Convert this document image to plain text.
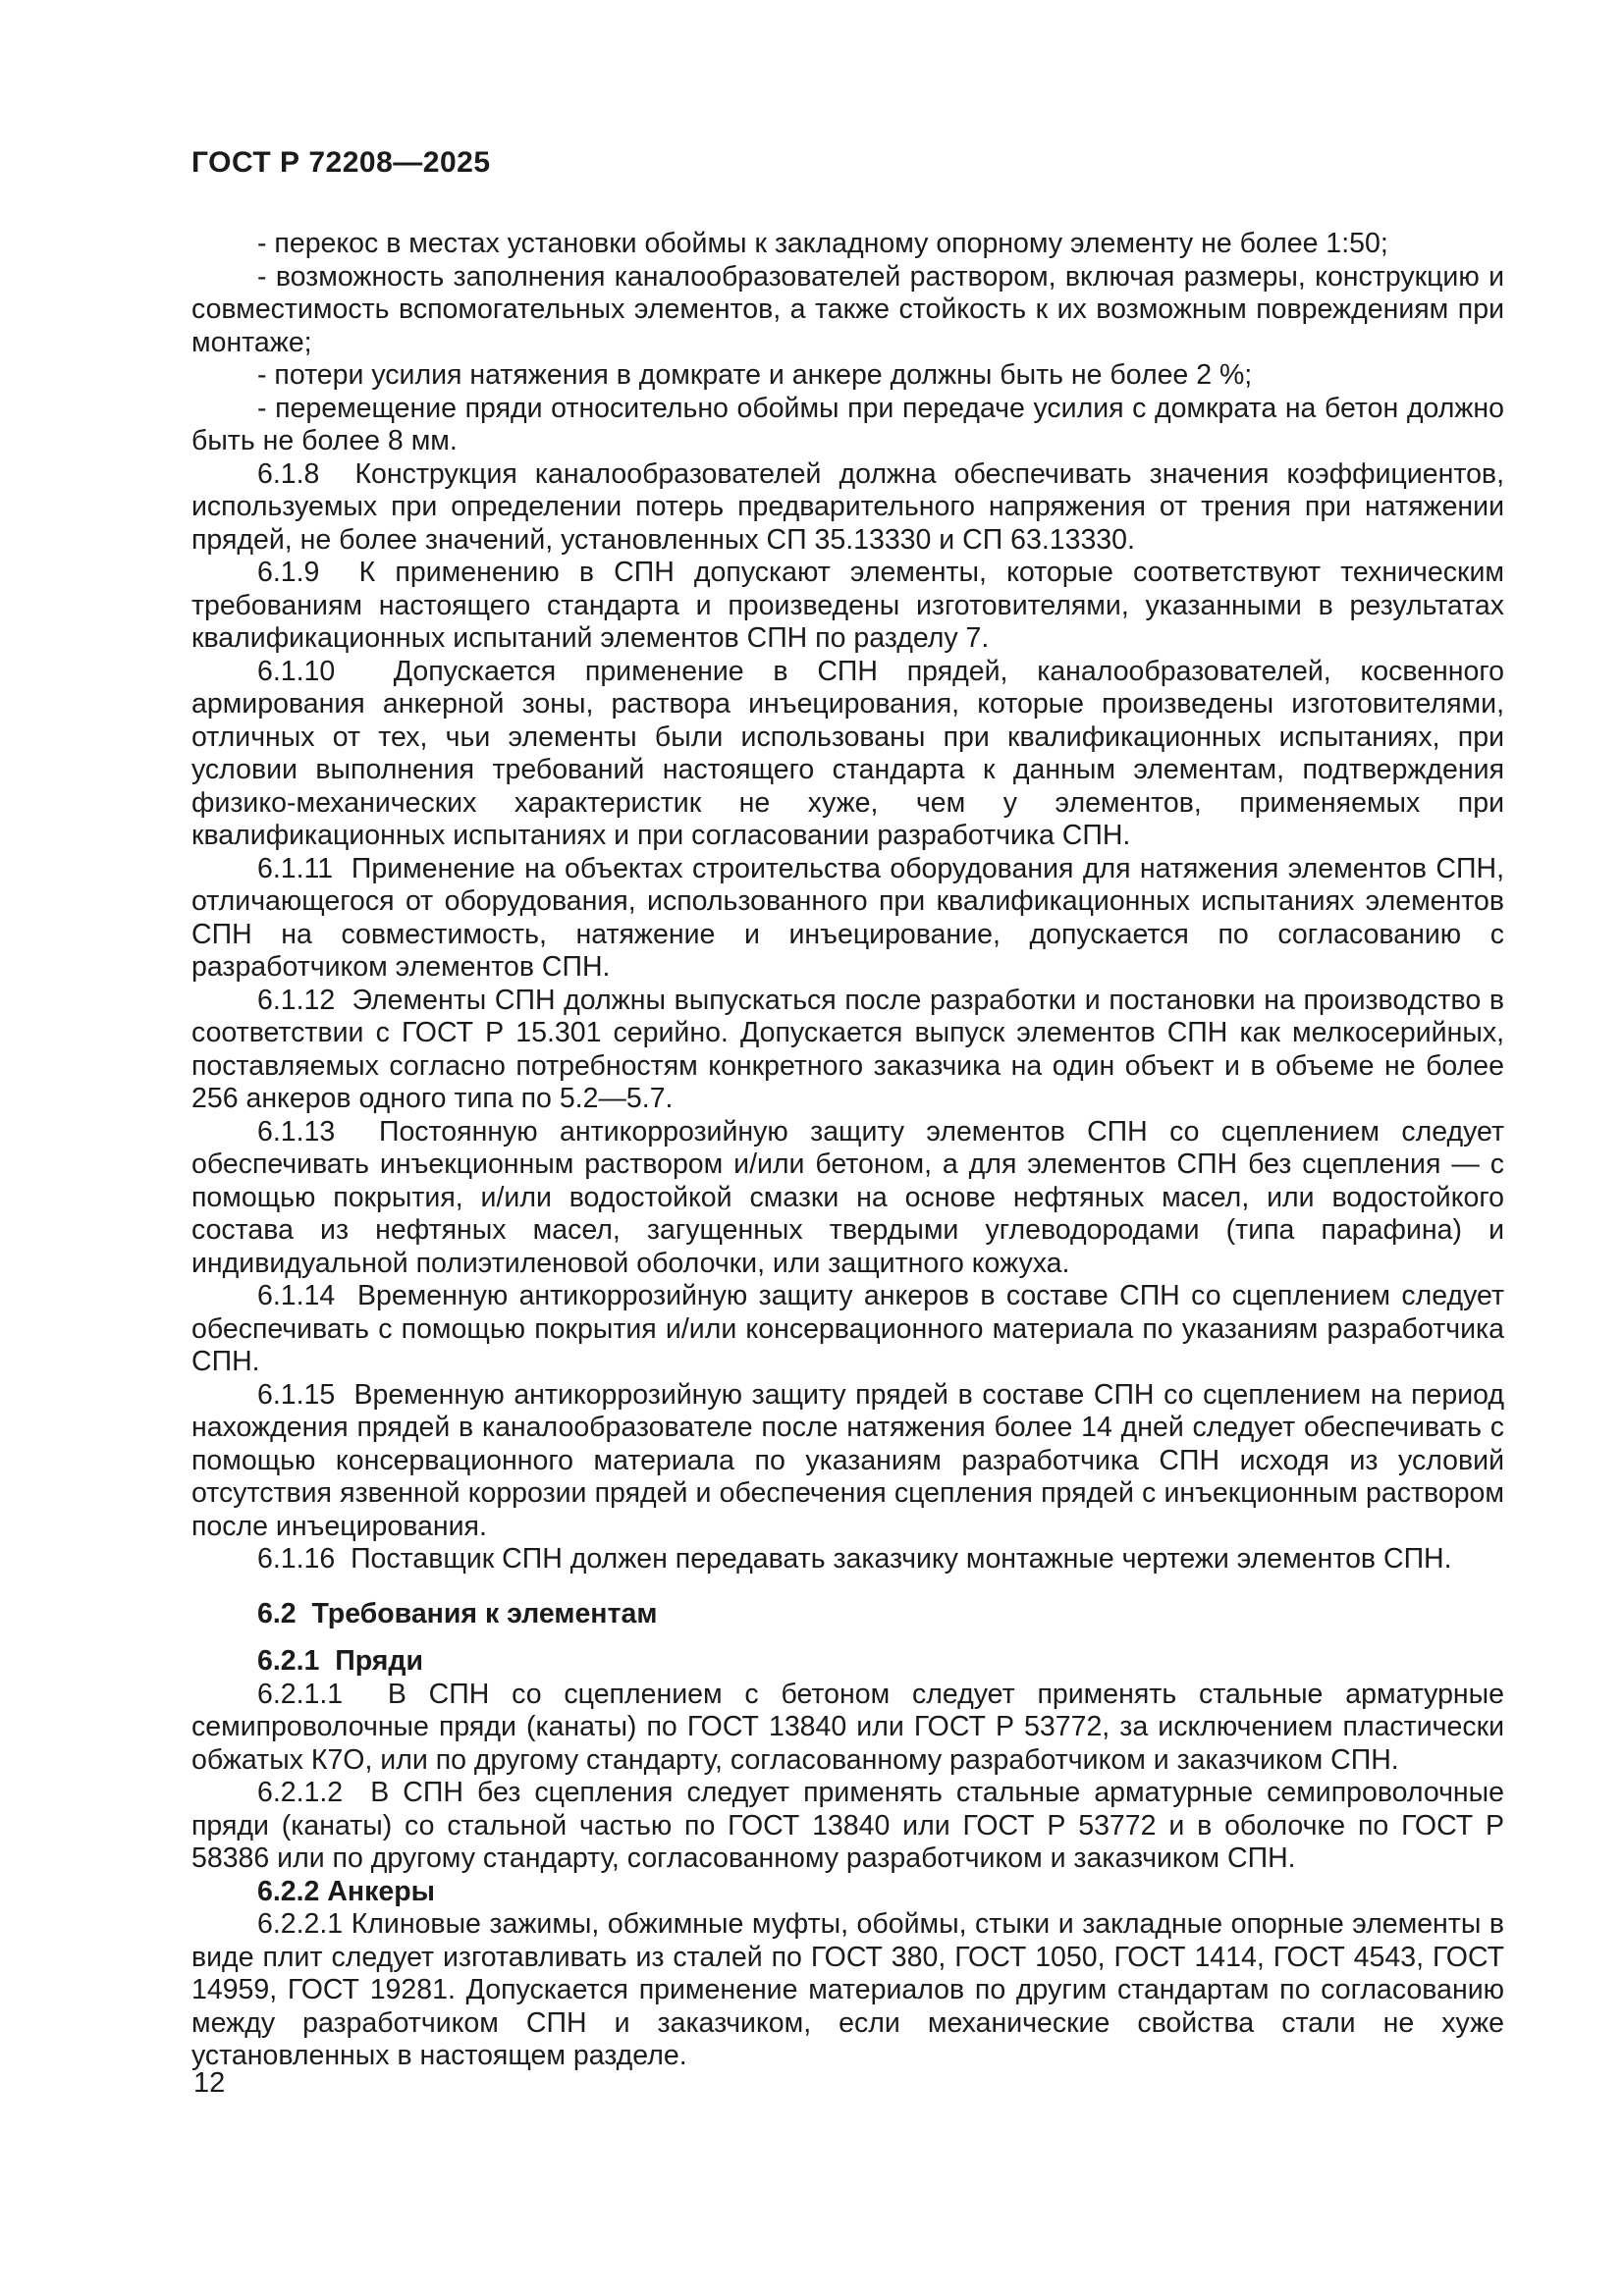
ГОСТ Р 72208—2025

- перекос в местах установки обоймы к закладному опорному элементу не более 1:50;

- возможность заполнения каналообразователей раствором, включая размеры, конструкцию и совместимость вспомогательных элементов, а также стойкость к их возможным повреждениям при монтаже;

- потери усилия натяжения в домкрате и анкере должны быть не более 2 %;

- перемещение пряди относительно обоймы при передаче усилия с домкрата на бетон должно быть не более 8 мм.

6.1.8  Конструкция каналообразователей должна обеспечивать значения коэффициентов, используемых при определении потерь предварительного напряжения от трения при натяжении прядей, не более значений, установленных СП 35.13330 и СП 63.13330.

6.1.9  К применению в СПН допускают элементы, которые соответствуют техническим требованиям настоящего стандарта и произведены изготовителями, указанными в результатах квалификационных испытаний элементов СПН по разделу 7.

6.1.10  Допускается применение в СПН прядей, каналообразователей, косвенного армирования анкерной зоны, раствора инъецирования, которые произведены изготовителями, отличных от тех, чьи элементы были использованы при квалификационных испытаниях, при условии выполнения требований настоящего стандарта к данным элементам, подтверждения физико-механических характеристик не хуже, чем у элементов, применяемых при квалификационных испытаниях и при согласовании разработчика СПН.

6.1.11  Применение на объектах строительства оборудования для натяжения элементов СПН, отличающегося от оборудования, использованного при квалификационных испытаниях элементов СПН на совместимость, натяжение и инъецирование, допускается по согласованию с разработчиком элементов СПН.

6.1.12  Элементы СПН должны выпускаться после разработки и постановки на производство в соответствии с ГОСТ Р 15.301 серийно. Допускается выпуск элементов СПН как мелкосерийных, поставляемых согласно потребностям конкретного заказчика на один объект и в объеме не более 256 анкеров одного типа по 5.2—5.7.

6.1.13  Постоянную антикоррозийную защиту элементов СПН со сцеплением следует обеспечивать инъекционным раствором и/или бетоном, а для элементов СПН без сцепления — с помощью покрытия, и/или водостойкой смазки на основе нефтяных масел, или водостойкого состава из нефтяных масел, загущенных твердыми углеводородами (типа парафина) и индивидуальной полиэтиленовой оболочки, или защитного кожуха.

6.1.14  Временную антикоррозийную защиту анкеров в составе СПН со сцеплением следует обеспечивать с помощью покрытия и/или консервационного материала по указаниям разработчика СПН.

6.1.15  Временную антикоррозийную защиту прядей в составе СПН со сцеплением на период нахождения прядей в каналообразователе после натяжения более 14 дней следует обеспечивать с помощью консервационного материала по указаниям разработчика СПН исходя из условий отсутствия язвенной коррозии прядей и обеспечения сцепления прядей с инъекционным раствором после инъецирования.

6.1.16  Поставщик СПН должен передавать заказчику монтажные чертежи элементов СПН.

6.2  Требования к элементам

6.2.1  Пряди

6.2.1.1  В СПН со сцеплением с бетоном следует применять стальные арматурные семипроволочные пряди (канаты) по ГОСТ 13840 или ГОСТ Р 53772, за исключением пластически обжатых К7О, или по другому стандарту, согласованному разработчиком и заказчиком СПН.

6.2.1.2  В СПН без сцепления следует применять стальные арматурные семипроволочные пряди (канаты) со стальной частью по ГОСТ 13840 или ГОСТ Р 53772 и в оболочке по ГОСТ Р 58386 или по другому стандарту, согласованному разработчиком и заказчиком СПН.

6.2.2 Анкеры

6.2.2.1 Клиновые зажимы, обжимные муфты, обоймы, стыки и закладные опорные элементы в виде плит следует изготавливать из сталей по ГОСТ 380, ГОСТ 1050, ГОСТ 1414, ГОСТ 4543, ГОСТ 14959, ГОСТ 19281. Допускается применение материалов по другим стандартам по согласованию между разработчиком СПН и заказчиком, если механические свойства стали не хуже установленных в настоящем разделе.

12
